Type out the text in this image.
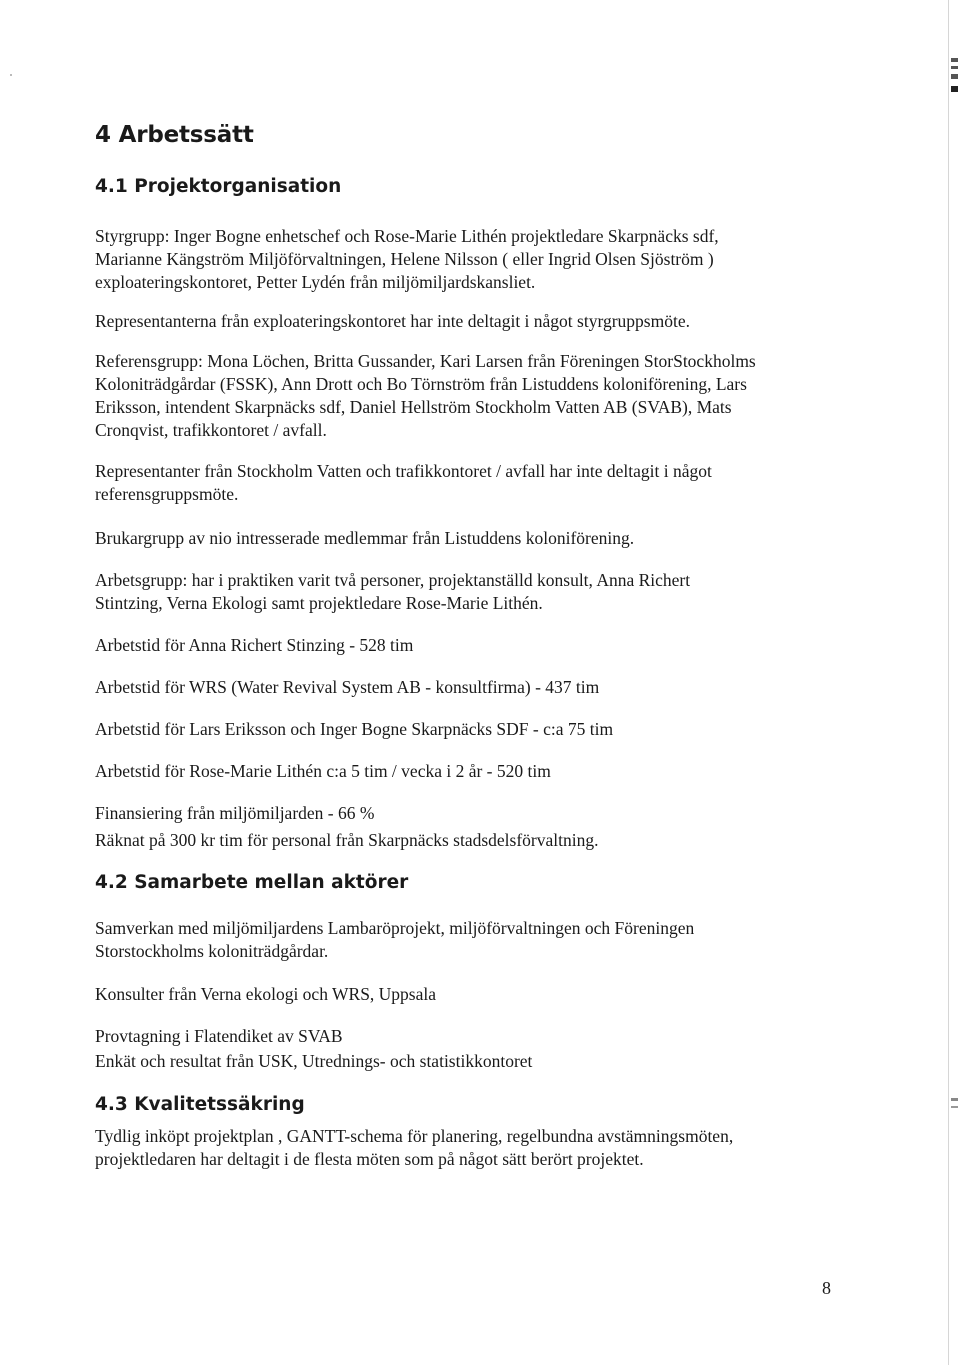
4 Arbetssätt
4.1 Projektorganisation

Styrgrupp: Inger Bogne enhetschef och Rose-Marie Lithén projektledare Skarpnäcks sdf,
Marianne Kängström Miljöförvaltningen, Helene Nilsson ( eller Ingrid Olsen Sjöström )
exploateringskontoret, Petter Lydén från miljömiljardskansliet.

Representanterna från exploateringskontoret har inte deltagit i något styrgruppsmöte.

Referensgrupp: Mona Löchen, Britta Gussander, Kari Larsen från Föreningen StorStockholms
Koloniträdgårdar (FSSK), Ann Drott och Bo Törnström från Listuddens koloniförening, Lars
Eriksson, intendent Skarpnäcks sdf, Daniel Hellström Stockholm Vatten AB (SVAB), Mats
Cronqvist, trafikkontoret / avfall.

Representanter från Stockholm Vatten och trafikkontoret / avfall har inte deltagit i något
referensgruppsmöte.

Brukargrupp av nio intresserade medlemmar från Listuddens koloniförening.

Arbetsgrupp: har i praktiken varit två personer, projektanställd konsult, Anna Richert
Stintzing, Verna Ekologi samt projektledare Rose-Marie Lithén.

Arbetstid för Anna Richert Stinzing - 528 tim

Arbetstid för WRS (Water Revival System AB - konsultfirma) - 437 tim

Arbetstid för Lars Eriksson och Inger Bogne Skarpnäcks SDF - c:a 75 tim

Arbetstid för Rose-Marie Lithén c:a 5 tim / vecka i 2 år - 520 tim

Finansiering från miljömiljarden - 66 %

Räknat på 300 kr tim för personal från Skarpnäcks stadsdelsförvaltning.

4.2 Samarbete mellan aktörer

Samverkan med miljömiljardens Lambaröprojekt, miljöförvaltningen och Föreningen
Storstockholms koloniträdgårdar.

Konsulter från Verna ekologi och WRS, Uppsala

Provtagning i Flatendiket av SVAB

Enkät och resultat från USK, Utrednings- och statistikkontoret

4.3 Kvalitetssäkring

Tydlig inköpt projektplan , GANTT-schema för planering, regelbundna avstämningsmöten,
projektledaren har deltagit i de flesta möten som på något sätt berört projektet.

8
